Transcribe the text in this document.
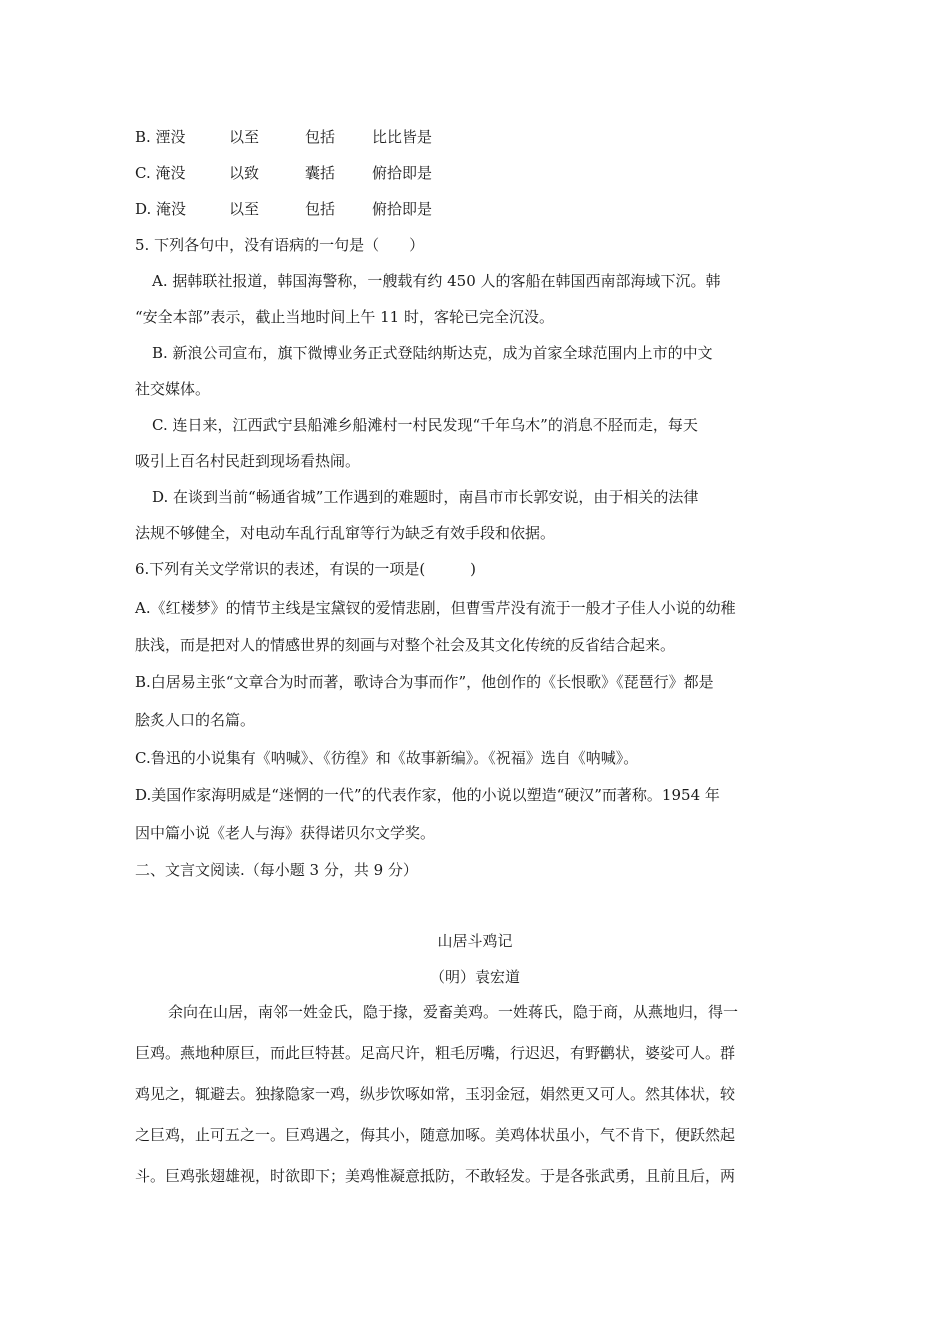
B. 湮没	以至	包括 比比皆是
C. 淹没	以致	囊括 俯拾即是
D. 淹没	以至	包括 俯拾即是
5. 下列各句中，没有语病的一句是（　　）
A. 据韩联社报道，韩国海警称，一艘载有约 450 人的客船在韩国西南部海域下沉。韩
“安全本部”表示，截止当地时间上午 11 时，客轮已完全沉没。
B. 新浪公司宣布，旗下微博业务正式登陆纳斯达克，成为首家全球范围内上市的中文
社交媒体。
C. 连日来，江西武宁县船滩乡船滩村一村民发现“千年乌木”的消息不胫而走，每天
吸引上百名村民赶到现场看热闹。
D. 在谈到当前“畅通省城”工作遇到的难题时，南昌市市长郭安说，由于相关的法律
法规不够健全，对电动车乱行乱窜等行为缺乏有效手段和依据。
6.下列有关文学常识的表述，有误的一项是(　　　)
A.《红楼梦》的情节主线是宝黛钗的爱情悲剧，但曹雪芹没有流于一般才子佳人小说的幼稚
肤浅，而是把对人的情感世界的刻画与对整个社会及其文化传统的反省结合起来。
B.白居易主张“文章合为时而著，歌诗合为事而作”，他创作的《长恨歌》《琵琶行》都是
脍炙人口的名篇。
C.鲁迅的小说集有《呐喊》、《彷徨》和《故事新编》。《祝福》选自《呐喊》。
D.美国作家海明威是“迷惘的一代”的代表作家，他的小说以塑造“硬汉”而著称。1954 年
因中篇小说《老人与海》获得诺贝尔文学奖。
二、文言文阅读.（每小题 3 分，共 9 分）
山居斗鸡记
（明）袁宏道
余向在山居，南邻一姓金氏，隐于掾，爱畜美鸡。一姓蒋氏，隐于商，从燕地归，得一
巨鸡。燕地种原巨，而此巨特甚。足高尺许，粗毛厉嘴，行迟迟，有野鹳状，婆娑可人。群
鸡见之，辄避去。独掾隐家一鸡，纵步饮啄如常，玉羽金冠，娟然更又可人。然其体状，较
之巨鸡，止可五之一。巨鸡遇之，侮其小，随意加啄。美鸡体状虽小，气不肯下，便跃然起
斗。巨鸡张翅雄视，时欲即下；美鸡惟凝意抵防，不敢轻发。于是各张武勇，且前且后，两
